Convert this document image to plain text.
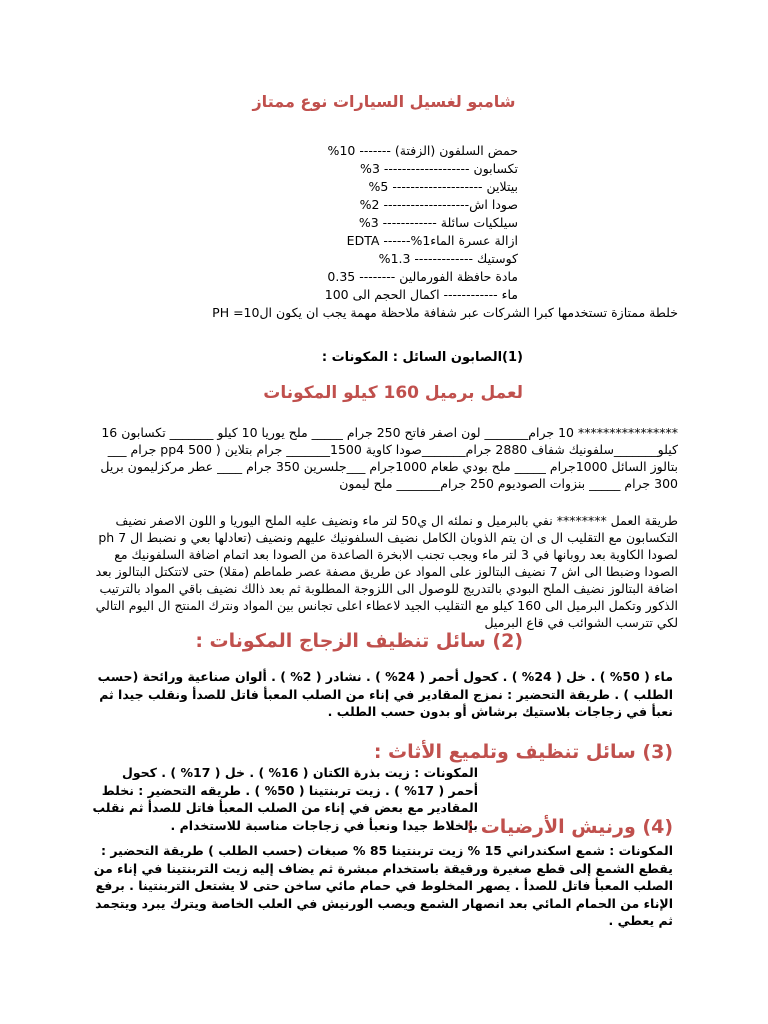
شامبو لغسيل السيارات نوع ممتاز
حمض السلفون (الزفتة) ------- 10%
تكسابون ------------------- 3%
بيتلاين -------------------- 5%
صودا اش------------------- 2%
سيلكيات سائلة ------------ 3%
ازالة عسرة الماء1%------ EDTA
كوستيك ------------- 1.3%
مادة حافظة الفورمالين -------- 0.35
ماء ------------ اكمال الحجم الى 100
خلطة ممتازة تستخدمها كبرا الشركات عبر شفافة ملاحظة مهمة يجب ان يكون الPH =10
(1)الصابون السائل : المكونات :
لعمل برميل 160 كيلو المكونات
**************** 10 جرام_______ لون اصفر فاتح 250 جرام _____ ملح يوريا 10 كيلو _______ تكسابون 16 كيلو_______سلفونيك شفاف 2880 جرام_______صودا كاوية 1500_______ جرام بتلاين ( pp4 500 جرام ___ بتالوز السائل 1000جرام _____ ملح بودي طعام 1000جرام ___جلسرين 350 جرام ____ عطر مركزليمون بريل 300 جرام _____ بنزوات الصوديوم 250 جرام_______ ملح ليمون
طريقة العمل ******** نفي بالبرميل و نملئه ال ي50 لتر ماء ونضيف عليه الملح اليوريا و اللون الاصفر نضيف التكسابون مع التقليب ال ى ان يتم الذوبان الكامل نضيف السلفونيك عليهم ونضيف (تعادلها بعي و نضبط ال ph 7 لصودا الكاوية بعد روبانها في 3 لتر ماء ويجب تجنب الابخرة الصاعدة من الصودا بعد اتمام اضافة السلفونيك مع الصودا وضبطا الى اش 7 نضيف البتالوز على المواد عن طريق مصفة عصر طماطم (مقلا) حتى لاتتكتل البتالوز بعد اضافة البتالوز نضيف الملح البودي بالتدريج للوصول الى اللزوجة المطلوبة ثم بعد ذالك نضيف باقي المواد بالترتيب الذكور وتكمل البرميل الى 160 كيلو مع التقليب الجيد لاعطاء اعلى تجانس بين المواد ونترك المنتج ال اليوم التالي لكي تترسب الشوائب في قاع البرميل
(2) سائل تنظيف الزجاج المكونات :
ماء ( 50% ) . خل ( 24% ) . كحول أحمر ( 24% ) . نشادر ( 2% ) . ألوان صناعية ورائحة (حسب الطلب ) . طريقة التحضير : نمزج المقادير في إناء من الصلب المعبأ فاتل للصدأ ونقلب جيدا ثم نعبأ في زجاجات بلاستيك برشاش أو بدون حسب الطلب .
(3) سائل تنظيف وتلميع الأثاث :
المكونات : زيت بذرة الكتان ( 16% ) . خل ( 17% ) . كحول أحمر ( 17% ) . زيت تربنتينا ( 50% ) . طريقه التحضير : نخلط المقادير مع بعض في إناء من الصلب المعبأ فاتل للصدأ ثم نقلب بالخلاط جيدا ونعبأ في زجاجات مناسبة للاستخدام .
(4) ورنيش الأرضيات :
المكونات : شمع اسكندراني 15 % زيت تربنتينا 85 % صبغات (حسب الطلب ) طريقة التحضير : يقطع الشمع إلى قطع صغيرة ورقيقة باستخدام مبشرة ثم يضاف إليه زيت التربنتينا في إناء من الصلب المعبأ فاتل للصدأ . يصهر المخلوط في حمام مائي ساخن حتى لا يشتعل التربنتينا . برفع الإناء من الحمام المائي بعد انصهار الشمع ويصب الورنيش في العلب الخاصة ويترك يبرد ويتجمد ثم يعطي .
